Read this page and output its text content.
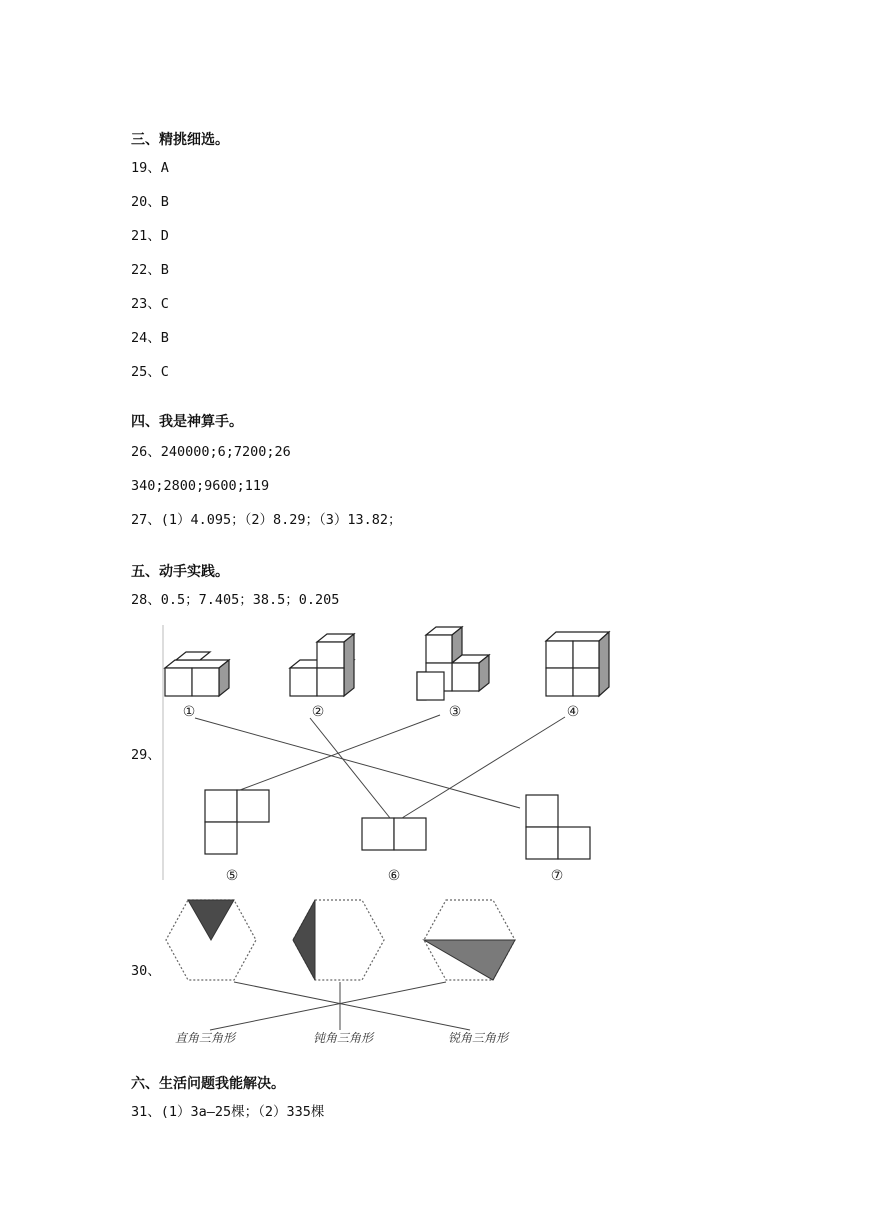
三、精挑细选。
19、A
20、B
21、D
22、B
23、C
24、B
25、C
四、我是神算手。
26、240000;6;7200;26
340;2800;9600;119
27、(1）4.095；（2）8.29；（3）13.82；
五、动手实践。
28、0.5；7.405；38.5；0.205
29、
①	②	③	④
⑤	⑥	⑦
30、
直角三角形	钝角三角形	锐角三角形
六、生活问题我能解决。
31、(1）3a—25棵；（2）335棵
